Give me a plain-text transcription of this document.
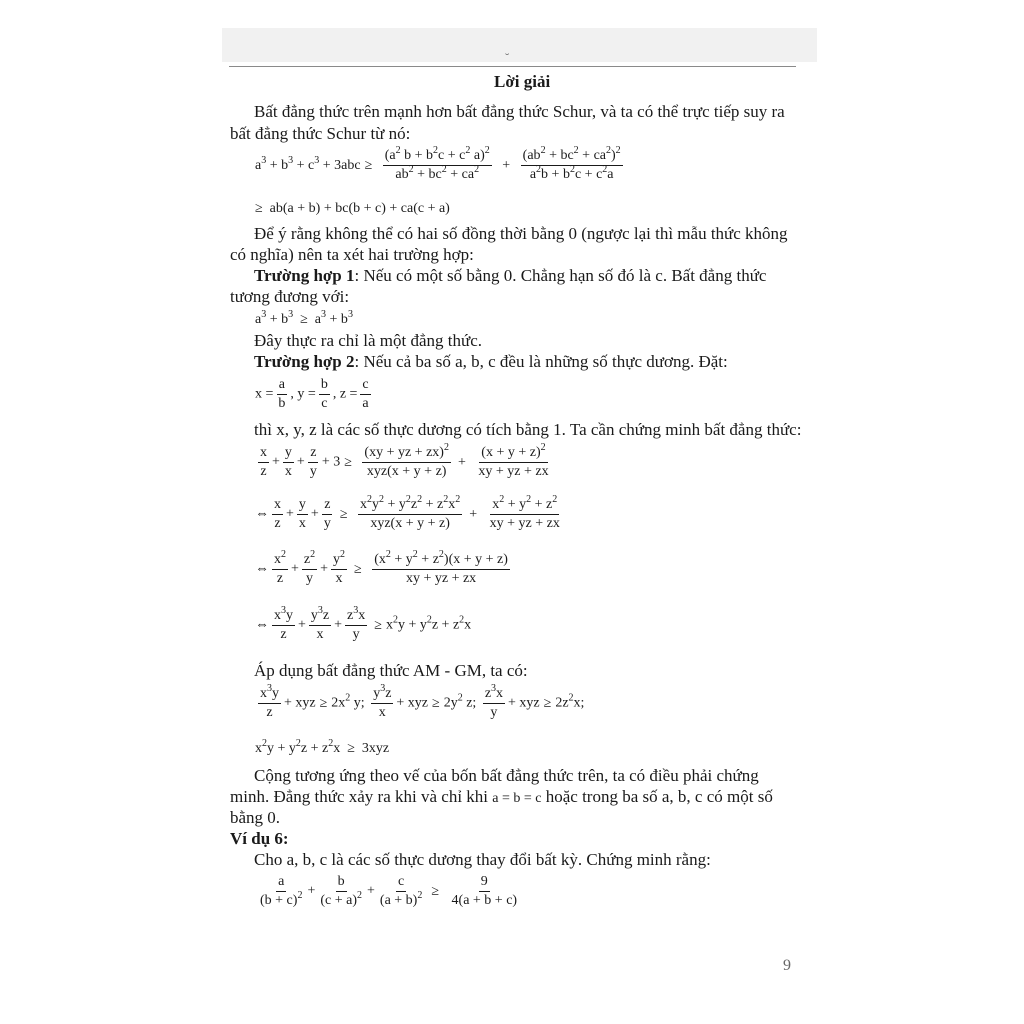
˘
Lời giải
Bất đẳng thức trên mạnh hơn bất đẳng thức Schur, và ta có thể trực tiếp suy ra
bất đẳng thức Schur từ nó:
$a^3 + b^3 + c^3 + 3abc \ge \frac{(a^2 b + b^2c + c^2 a)^2}{ab^2 + bc^2 + ca^2} + \frac{(ab^2 + bc^2 + ca^2)^2}{a^2b + b^2c + c^2a}$
≥  ab(a + b) + bc(b + c) + ca(c + a)
Để ý rằng không thể có hai số đồng thời bằng 0 (ngược lại thì mẫu thức không
có nghĩa) nên ta xét hai trường hợp:
Trường hợp 1: Nếu có một số bằng 0. Chẳng hạn số đó là c. Bất đẳng thức
tương đương với:
$a^3 + b^3 \ge a^3 + b^3$
Đây thực ra chỉ là một đẳng thức.
Trường hợp 2: Nếu cả ba số a, b, c đều là những số thực dương. Đặt:
$x = \frac{a}{b}$ , $y = \frac{b}{c}$ , $z = \frac{c}{a}$
thì x, y, z là các số thực dương có tích bằng 1. Ta cần chứng minh bất đẳng thức:
$\frac{x}{z} + \frac{y}{x} + \frac{z}{y} + 3 \ge \frac{(xy + yz + zx)^2}{\text{xyz(x + y + z)}} + \frac{(x + y + z)^2}{xy + yz + zx}$
⇔ $\frac{x}{z} + \frac{y}{x} + \frac{z}{y} \ge \frac{x^2y^2 + y^2z^2 + z^2x^2}{\text{xyz(x + y + z)}} + \frac{x^2 + y^2 + z^2}{xy + yz + zx}$
⇔ $\frac{x^2}{z} + \frac{z^2}{y} + \frac{y^2}{x} \ge \frac{(x^2 + y^2 + z^2)(x + y + z)}{xy + yz + zx}$
⇔ $\frac{x^3y}{z} + \frac{y^3z}{x} + \frac{z^3x}{y} \ge x^2y + y^2z + z^2x$
Áp dụng bất đẳng thức AM - GM, ta có:
$\frac{x^3y}{z}$ + xyz ≥ $2x^2$ y; $\frac{y^3z}{x}$ + xyz ≥ $2y^2$ z; $\frac{z^3x}{y}$ + xyz ≥ $2z^2x$;
$x^2y + y^2z + z^2x \ge 3xyz$
Cộng tương ứng theo vế của bốn bất đẳng thức trên, ta có điều phải chứng
minh. Đẳng thức xảy ra khi và chỉ khi a = b = c hoặc trong ba số a, b, c có một số
bằng 0.
Ví dụ 6:
Cho a, b, c là các số thực dương thay đổi bất kỳ. Chứng minh rằng:
$\frac{a}{(b + c)^2} + \frac{b}{(c + a)^2} + \frac{c}{(a + b)^2} \ge \frac{9}{4(a + b + c)}$
9
